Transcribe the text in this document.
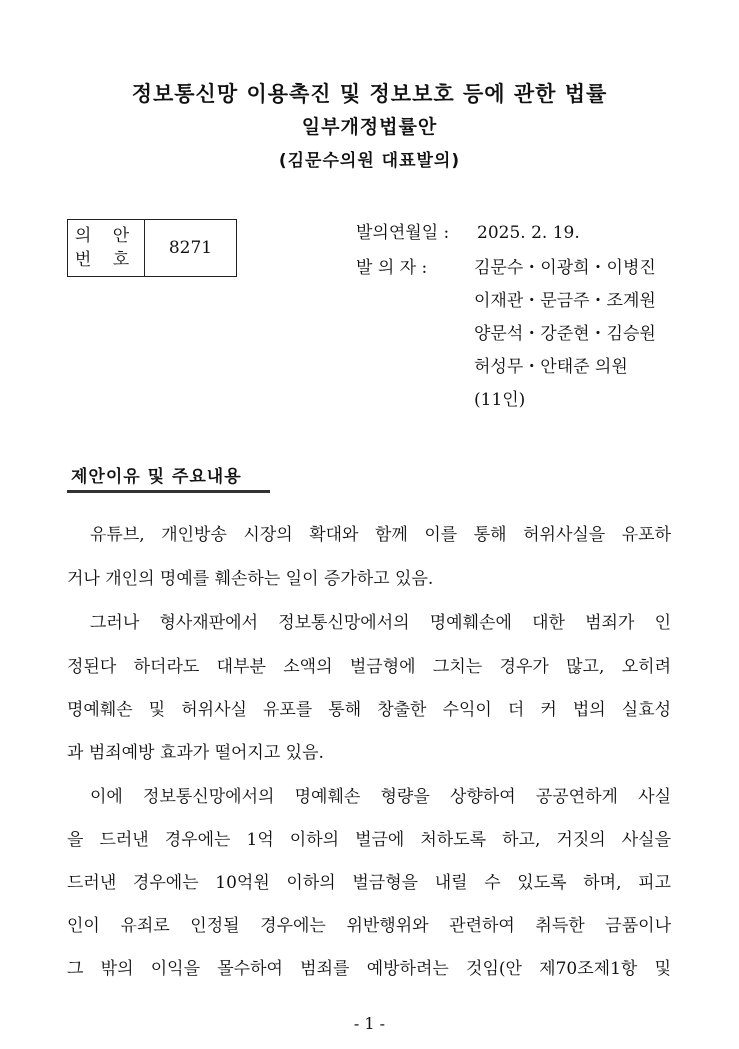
정보통신망 이용촉진 및 정보보호 등에 관한 법률
일부개정법률안
(김문수의원 대표발의)
의 안
번 호
8271
발의연월일 : 2025. 2. 19.
발 의 자 :	김문수・이광희・이병진
이재관・문금주・조계원
양문석・강준현・김승원
허성무・안태준 의원
(11인)
제안이유 및 주요내용
유튜브, 개인방송 시장의 확대와 함께 이를 통해 허위사실을 유포하
거나 개인의 명예를 훼손하는 일이 증가하고 있음.
그러나 형사재판에서 정보통신망에서의 명예훼손에 대한 범죄가 인
정된다 하더라도 대부분 소액의 벌금형에 그치는 경우가 많고, 오히려
명예훼손 및 허위사실 유포를 통해 창출한 수익이 더 커 법의 실효성
과 범죄예방 효과가 떨어지고 있음.
이에 정보통신망에서의 명예훼손 형량을 상향하여 공공연하게 사실
을 드러낸 경우에는 1억 이하의 벌금에 처하도록 하고, 거짓의 사실을
드러낸 경우에는 10억원 이하의 벌금형을 내릴 수 있도록 하며, 피고
인이 유죄로 인정될 경우에는 위반행위와 관련하여 취득한 금품이나
그 밖의 이익을 몰수하여 범죄를 예방하려는 것임(안 제70조제1항 및
- 1 -
